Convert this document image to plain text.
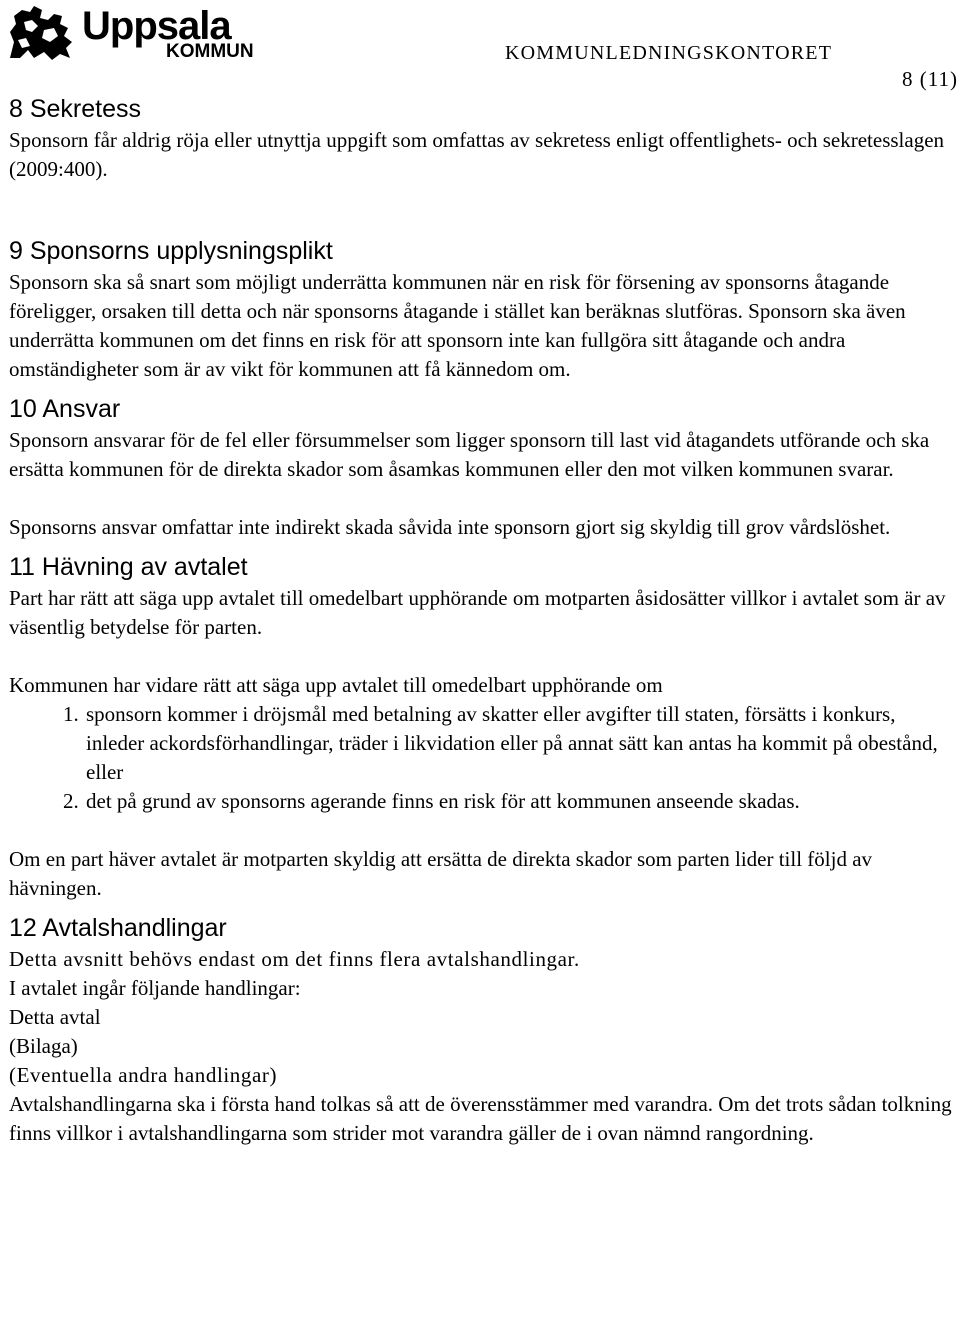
Uppsala
KOMMUN	KOMMUNLEDNINGSKONTORET
8 (11)
8 Sekretess

Sponsorn får aldrig röja eller utnyttja uppgift som omfattas av sekretess enligt offentlighets- och sekretesslagen (2009:400).

9 Sponsorns upplysningsplikt

Sponsorn ska så snart som möjligt underrätta kommunen när en risk för försening av sponsorns åtagande föreligger, orsaken till detta och när sponsorns åtagande i stället kan beräknas slutföras. Sponsorn ska även underrätta kommunen om det finns en risk för att sponsorn inte kan fullgöra sitt åtagande och andra omständigheter som är av vikt för kommunen att få kännedom om.

10 Ansvar

Sponsorn ansvarar för de fel eller försummelser som ligger sponsorn till last vid åtagandets utförande och ska ersätta kommunen för de direkta skador som åsamkas kommunen eller den mot vilken kommunen svarar.

Sponsorns ansvar omfattar inte indirekt skada såvida inte sponsorn gjort sig skyldig till grov vårdslöshet.

11 Hävning av avtalet

Part har rätt att säga upp avtalet till omedelbart upphörande om motparten åsidosätter villkor i avtalet som är av väsentlig betydelse för parten.

Kommunen har vidare rätt att säga upp avtalet till omedelbart upphörande om

1. sponsorn kommer i dröjsmål med betalning av skatter eller avgifter till staten, försätts i konkurs, inleder ackordsförhandlingar, träder i likvidation eller på annat sätt kan antas ha kommit på obestånd, eller
2. det på grund av sponsorns agerande finns en risk för att kommunen anseende skadas.

Om en part häver avtalet är motparten skyldig att ersätta de direkta skador som parten lider till följd av hävningen.

12 Avtalshandlingar

Detta avsnitt behövs endast om det finns flera avtalshandlingar.

I avtalet ingår följande handlingar:

Detta avtal

(Bilaga)

(Eventuella andra handlingar)

Avtalshandlingarna ska i första hand tolkas så att de överensstämmer med varandra. Om det trots sådan tolkning finns villkor i avtalshandlingarna som strider mot varandra gäller de i ovan nämnd rangordning.
